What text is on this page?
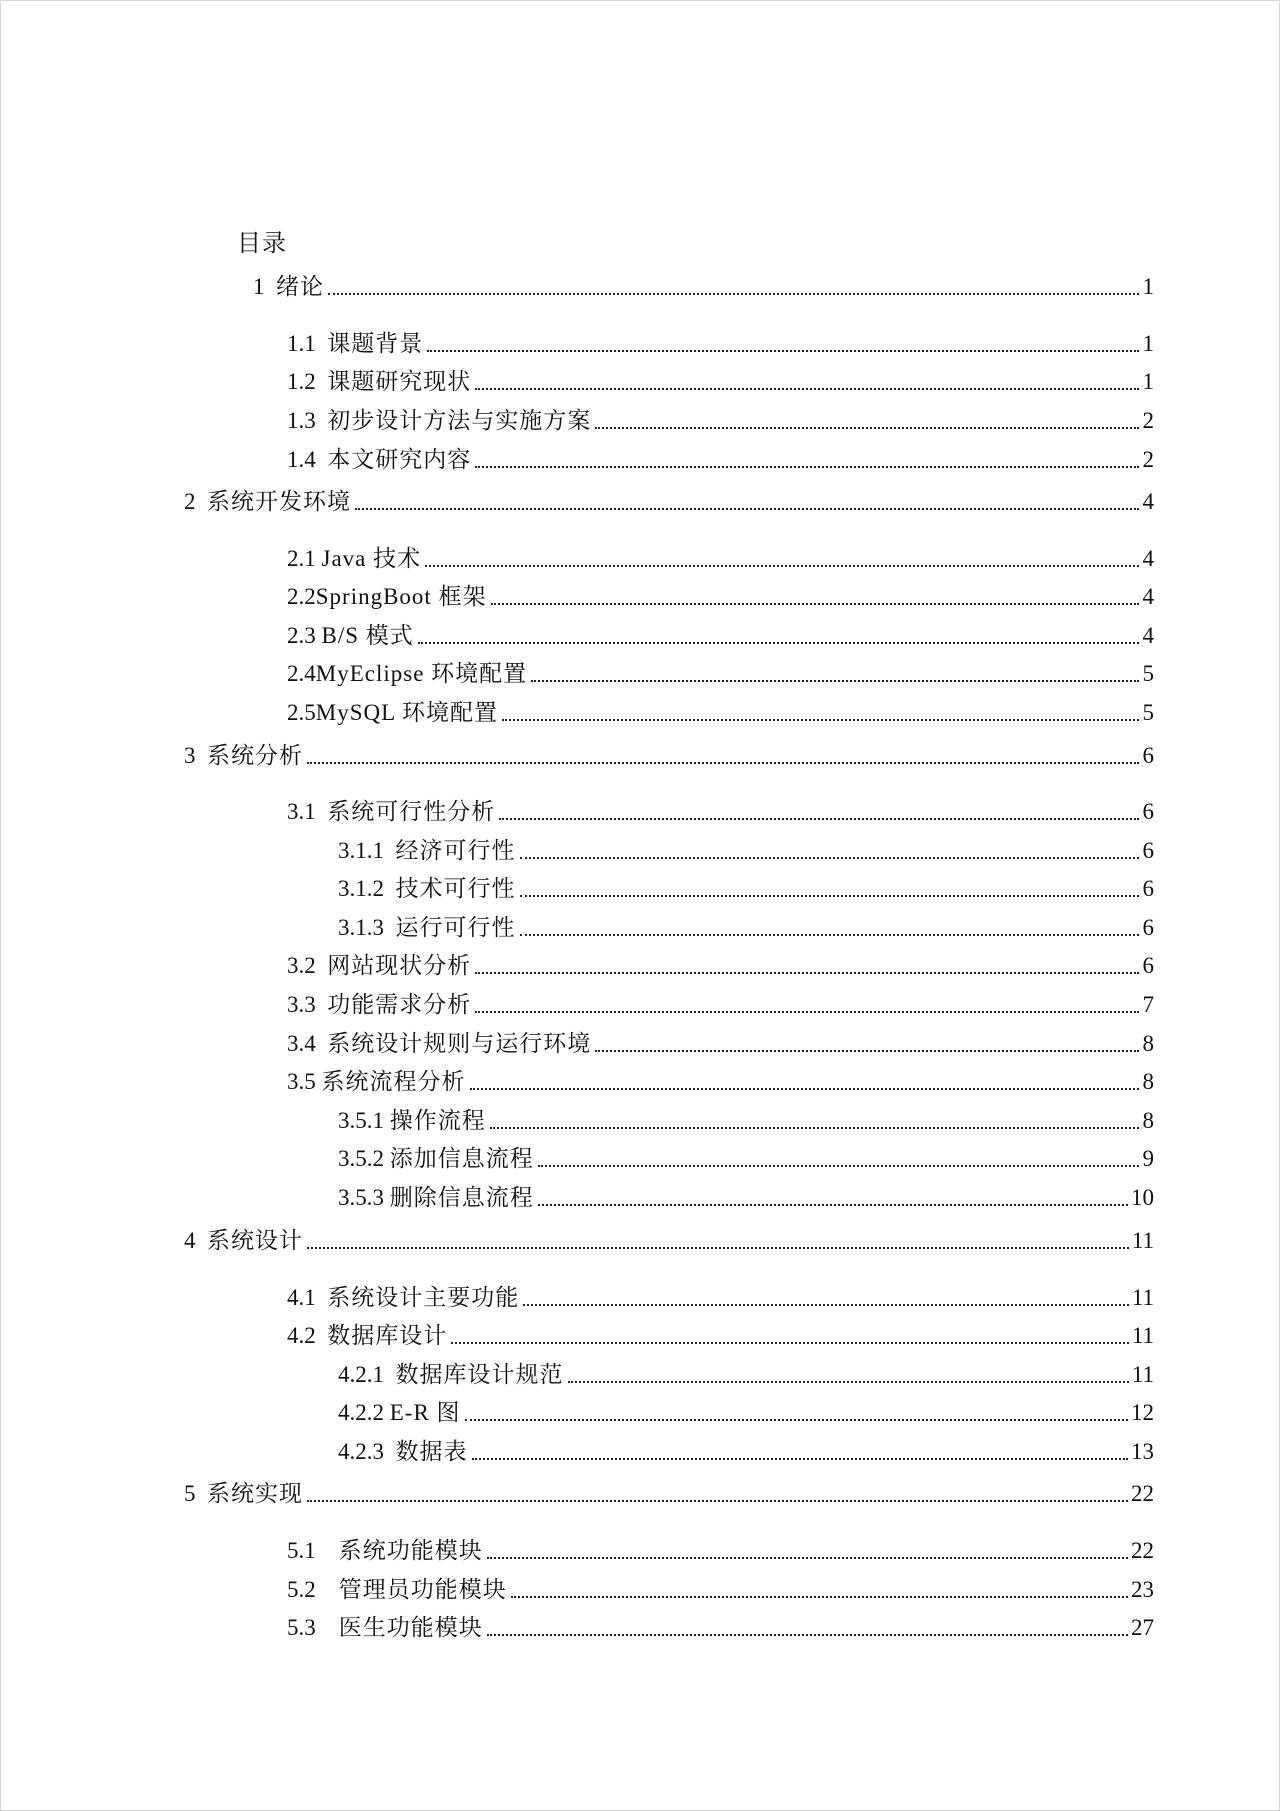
目录
1 绪论	1
1.1 课题背景	1
1.2 课题研究现状	1
1.3 初步设计方法与实施方案	2
1.4 本文研究内容	2
2 系统开发环境	4
2.1 Java 技术	4
2.2 SpringBoot 框架	4
2.3 B/S 模式	4
2.4 MyEclipse 环境配置	5
2.5 MySQL 环境配置	5
3 系统分析	6
3.1 系统可行性分析	6
3.1.1 经济可行性	6
3.1.2 技术可行性	6
3.1.3 运行可行性	6
3.2 网站现状分析	6
3.3 功能需求分析	7
3.4 系统设计规则与运行环境	8
3.5 系统流程分析	8
3.5.1 操作流程	8
3.5.2 添加信息流程	9
3.5.3 删除信息流程	10
4 系统设计	11
4.1 系统设计主要功能	11
4.2 数据库设计	11
4.2.1 数据库设计规范	11
4.2.2 E-R 图	12
4.2.3 数据表	13
5 系统实现	22
5.1 系统功能模块	22
5.2 管理员功能模块	23
5.3 医生功能模块	27
